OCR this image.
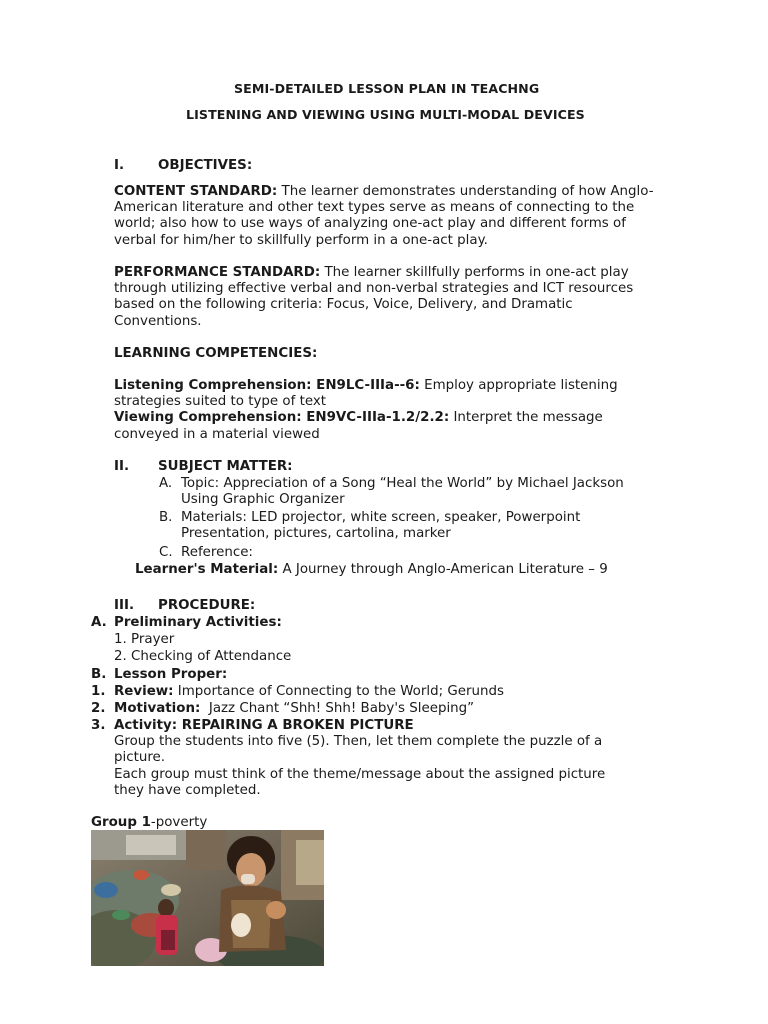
SEMI-DETAILED LESSON PLAN IN TEACHNG
LISTENING AND VIEWING USING MULTI-MODAL DEVICES
I.	OBJECTIVES:
CONTENT STANDARD: The learner demonstrates understanding of how Anglo-
American literature and other text types serve as means of connecting to the
world; also how to use ways of analyzing one-act play and different forms of
verbal for him/her to skillfully perform in a one-act play.
PERFORMANCE STANDARD: The learner skillfully performs in one-act play
through utilizing effective verbal and non-verbal strategies and ICT resources
based on the following criteria: Focus, Voice, Delivery, and Dramatic
Conventions.
LEARNING COMPETENCIES:
Listening Comprehension: EN9LC-IIIa--6: Employ appropriate listening
strategies suited to type of text
Viewing Comprehension: EN9VC-IIIa-1.2/2.2: Interpret the message
conveyed in a material viewed
II. SUBJECT MATTER:
A. Topic: Appreciation of a Song “Heal the World” by Michael Jackson
Using Graphic Organizer
B. Materials: LED projector, white screen, speaker, Powerpoint
Presentation, pictures, cartolina, marker
C. Reference:
Learner's Material: A Journey through Anglo-American Literature – 9
III. PROCEDURE:
A. Preliminary Activities:
1. Prayer
2. Checking of Attendance
B. Lesson Proper:
1. Review: Importance of Connecting to the World; Gerunds
2. Motivation: Jazz Chant “Shh! Shh! Baby's Sleeping”
3. Activity: REPAIRING A BROKEN PICTURE
Group the students into five (5). Then, let them complete the puzzle of a
picture.
Each group must think of the theme/message about the assigned picture
they have completed.
Group 1-poverty
